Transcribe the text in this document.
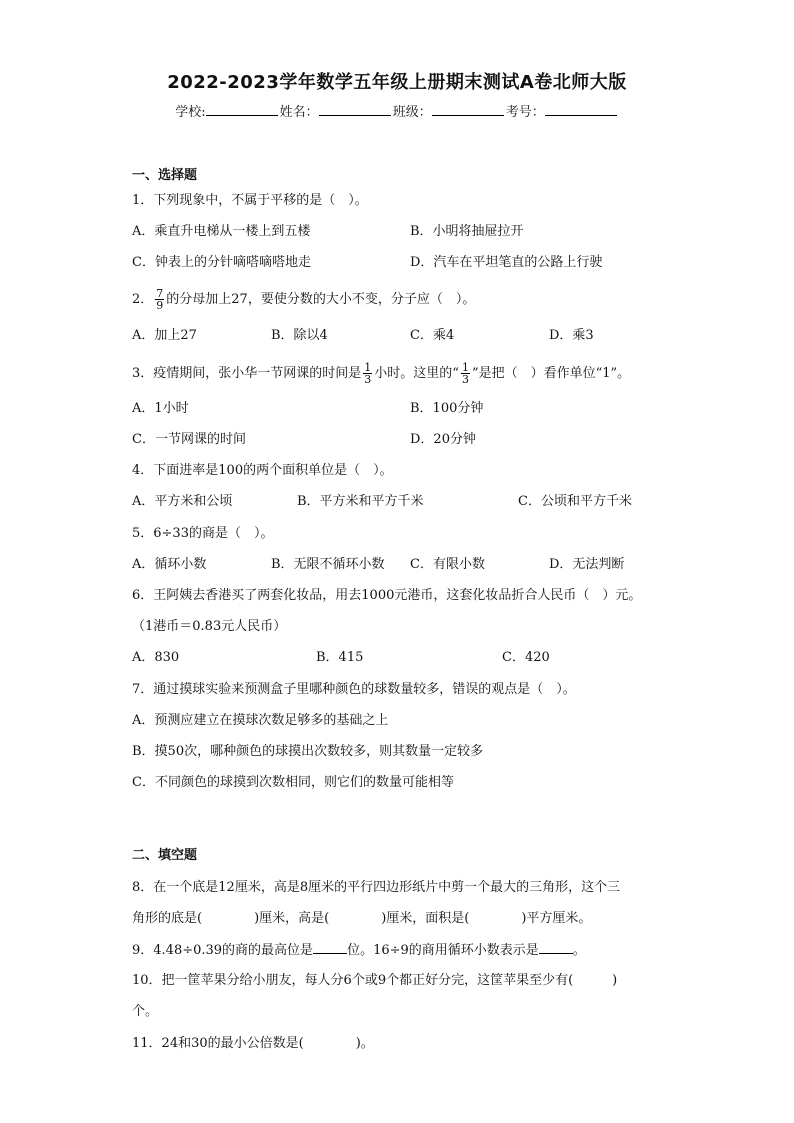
2022-2023学年数学五年级上册期末测试A卷北师大版
学校:	姓名：	班级：	考号：
一、选择题
1．下列现象中，不属于平移的是（　）。
A．乘直升电梯从一楼上到五楼	B．小明将抽屉拉开
C．钟表上的分针嘀嗒嘀嗒地走	D．汽车在平坦笔直的公路上行驶
2． $\frac{7}{9}$ 的分母加上27，要使分数的大小不变，分子应（　）。
A．加上27	B．除以4	C．乘4	D．乘3
3．疫情期间，张小华一节网课的时间是 $\frac{1}{3}$ 小时。这里的“ $\frac{1}{3}$ ”是把（　）看作单位“1”。
A．1小时	B．100分钟
C．一节网课的时间	D．20分钟
4．下面进率是100的两个面积单位是（　）。
A．平方米和公顷	B．平方米和平方千米	C．公顷和平方千米
5．6÷33的商是（　）。
A．循环小数	B．无限不循环小数 C．有限小数	D．无法判断
6．王阿姨去香港买了两套化妆品，用去1000元港币，这套化妆品折合人民币（　）元。
（1港币＝0.83元人民币）
A．830	B．415	C．420
7．通过摸球实验来预测盒子里哪种颜色的球数量较多，错误的观点是（　）。
A．预测应建立在摸球次数足够多的基础之上
B．摸50次，哪种颜色的球摸出次数较多，则其数量一定较多
C．不同颜色的球摸到次数相同，则它们的数量可能相等
二、填空题
8．在一个底是12厘米，高是8厘米的平行四边形纸片中剪一个最大的三角形，这个三
角形的底是(　　　　)厘米，高是(　　　　)厘米，面积是(　　　　)平方厘米。
9．4.48÷0.39的商的最高位是	位。16÷9的商用循环小数表示是	。
10．把一筐苹果分给小朋友，每人分6个或9个都正好分完，这筐苹果至少有(　　　)
个。
11．24和30的最小公倍数是(　　　　)。
